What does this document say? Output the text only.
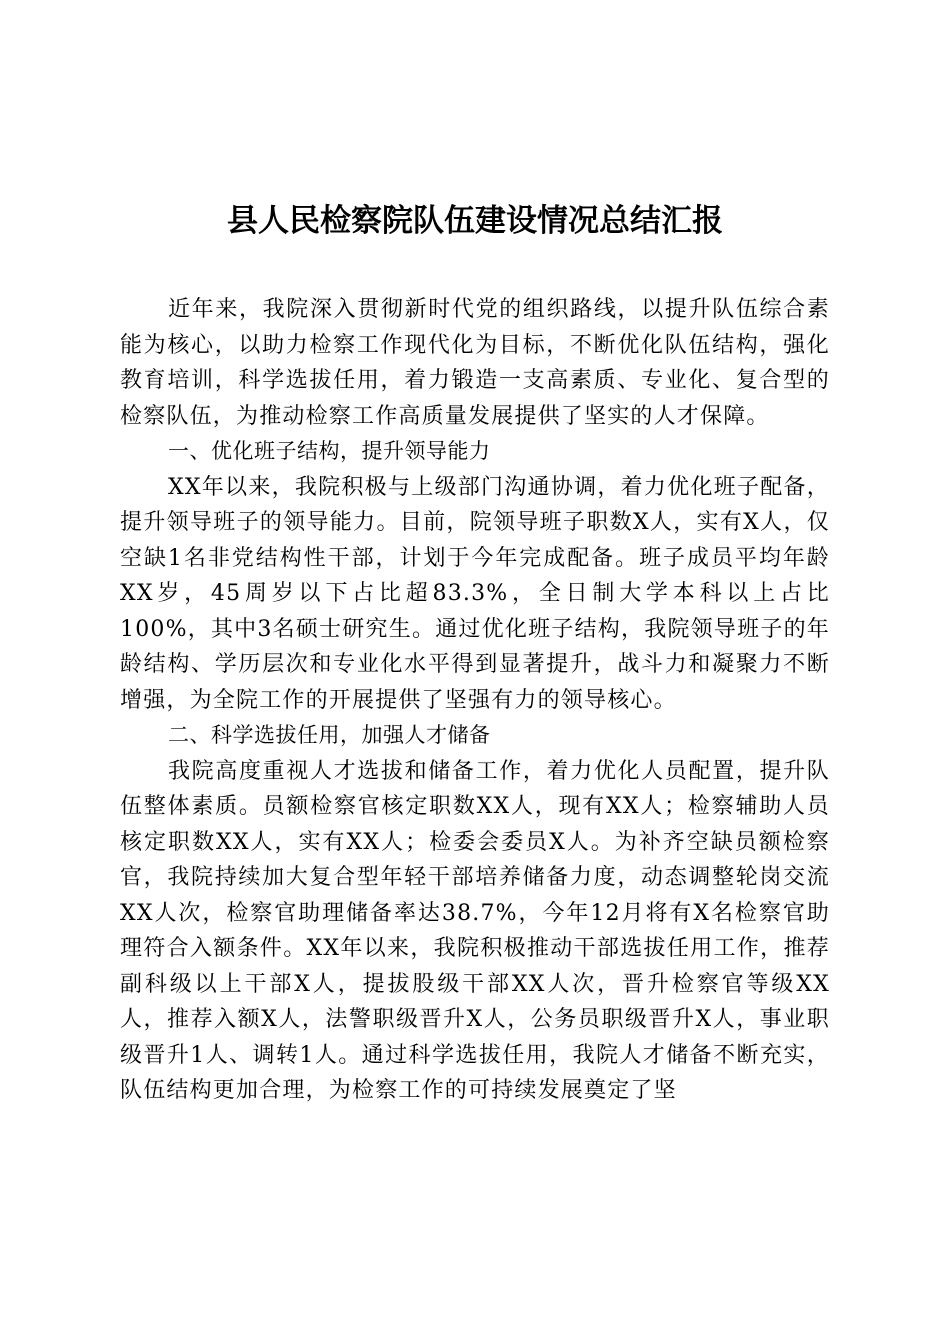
县人民检察院队伍建设情况总结汇报

近年来，我院深入贯彻新时代党的组织路线，以提升队伍综合素能为核心，以助力检察工作现代化为目标，不断优化队伍结构，强化教育培训，科学选拔任用，着力锻造一支高素质、专业化、复合型的检察队伍，为推动检察工作高质量发展提供了坚实的人才保障。

一、优化班子结构，提升领导能力

XX年以来，我院积极与上级部门沟通协调，着力优化班子配备，提升领导班子的领导能力。目前，院领导班子职数X人，实有X人，仅空缺1名非党结构性干部，计划于今年完成配备。班子成员平均年龄XX岁，45周岁以下占比超83.3%，全日制大学本科以上占比100%，其中3名硕士研究生。通过优化班子结构，我院领导班子的年龄结构、学历层次和专业化水平得到显著提升，战斗力和凝聚力不断增强，为全院工作的开展提供了坚强有力的领导核心。

二、科学选拔任用，加强人才储备

我院高度重视人才选拔和储备工作，着力优化人员配置，提升队伍整体素质。员额检察官核定职数XX人，现有XX人；检察辅助人员核定职数XX人，实有XX人；检委会委员X人。为补齐空缺员额检察官，我院持续加大复合型年轻干部培养储备力度，动态调整轮岗交流XX人次，检察官助理储备率达38.7%，今年12月将有X名检察官助理符合入额条件。XX年以来，我院积极推动干部选拔任用工作，推荐副科级以上干部X人，提拔股级干部XX人次，晋升检察官等级XX人，推荐入额X人，法警职级晋升X人，公务员职级晋升X人，事业职级晋升1人、调转1人。通过科学选拔任用，我院人才储备不断充实，队伍结构更加合理，为检察工作的可持续发展奠定了坚
